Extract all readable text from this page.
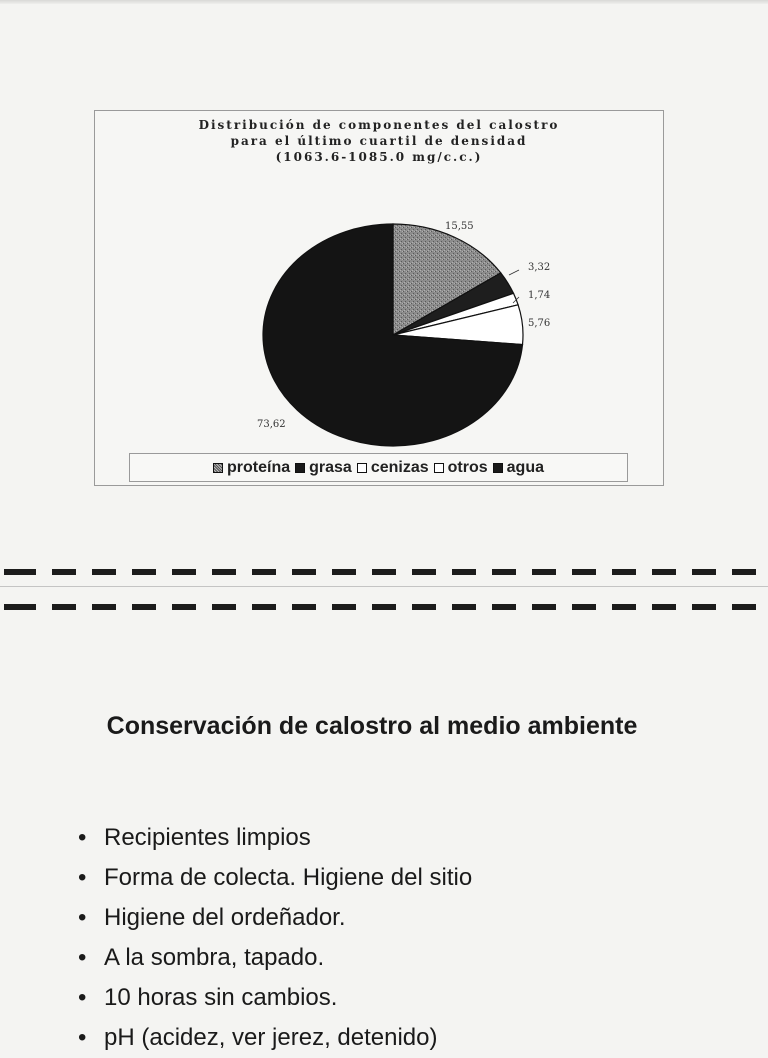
Distribución de componentes del calostro
para el último cuartil de densidad
(1063.6-1085.0 mg/c.c.)
15,55
3,32
1,74
5,76
73,62
proteína grasa cenizas otros agua
Conservación de calostro al medio ambiente
• Recipientes limpios
• Forma de colecta. Higiene del sitio
• Higiene del ordeñador.
• A la sombra, tapado.
• 10 horas sin cambios.
• pH (acidez, ver jerez, detenido)
